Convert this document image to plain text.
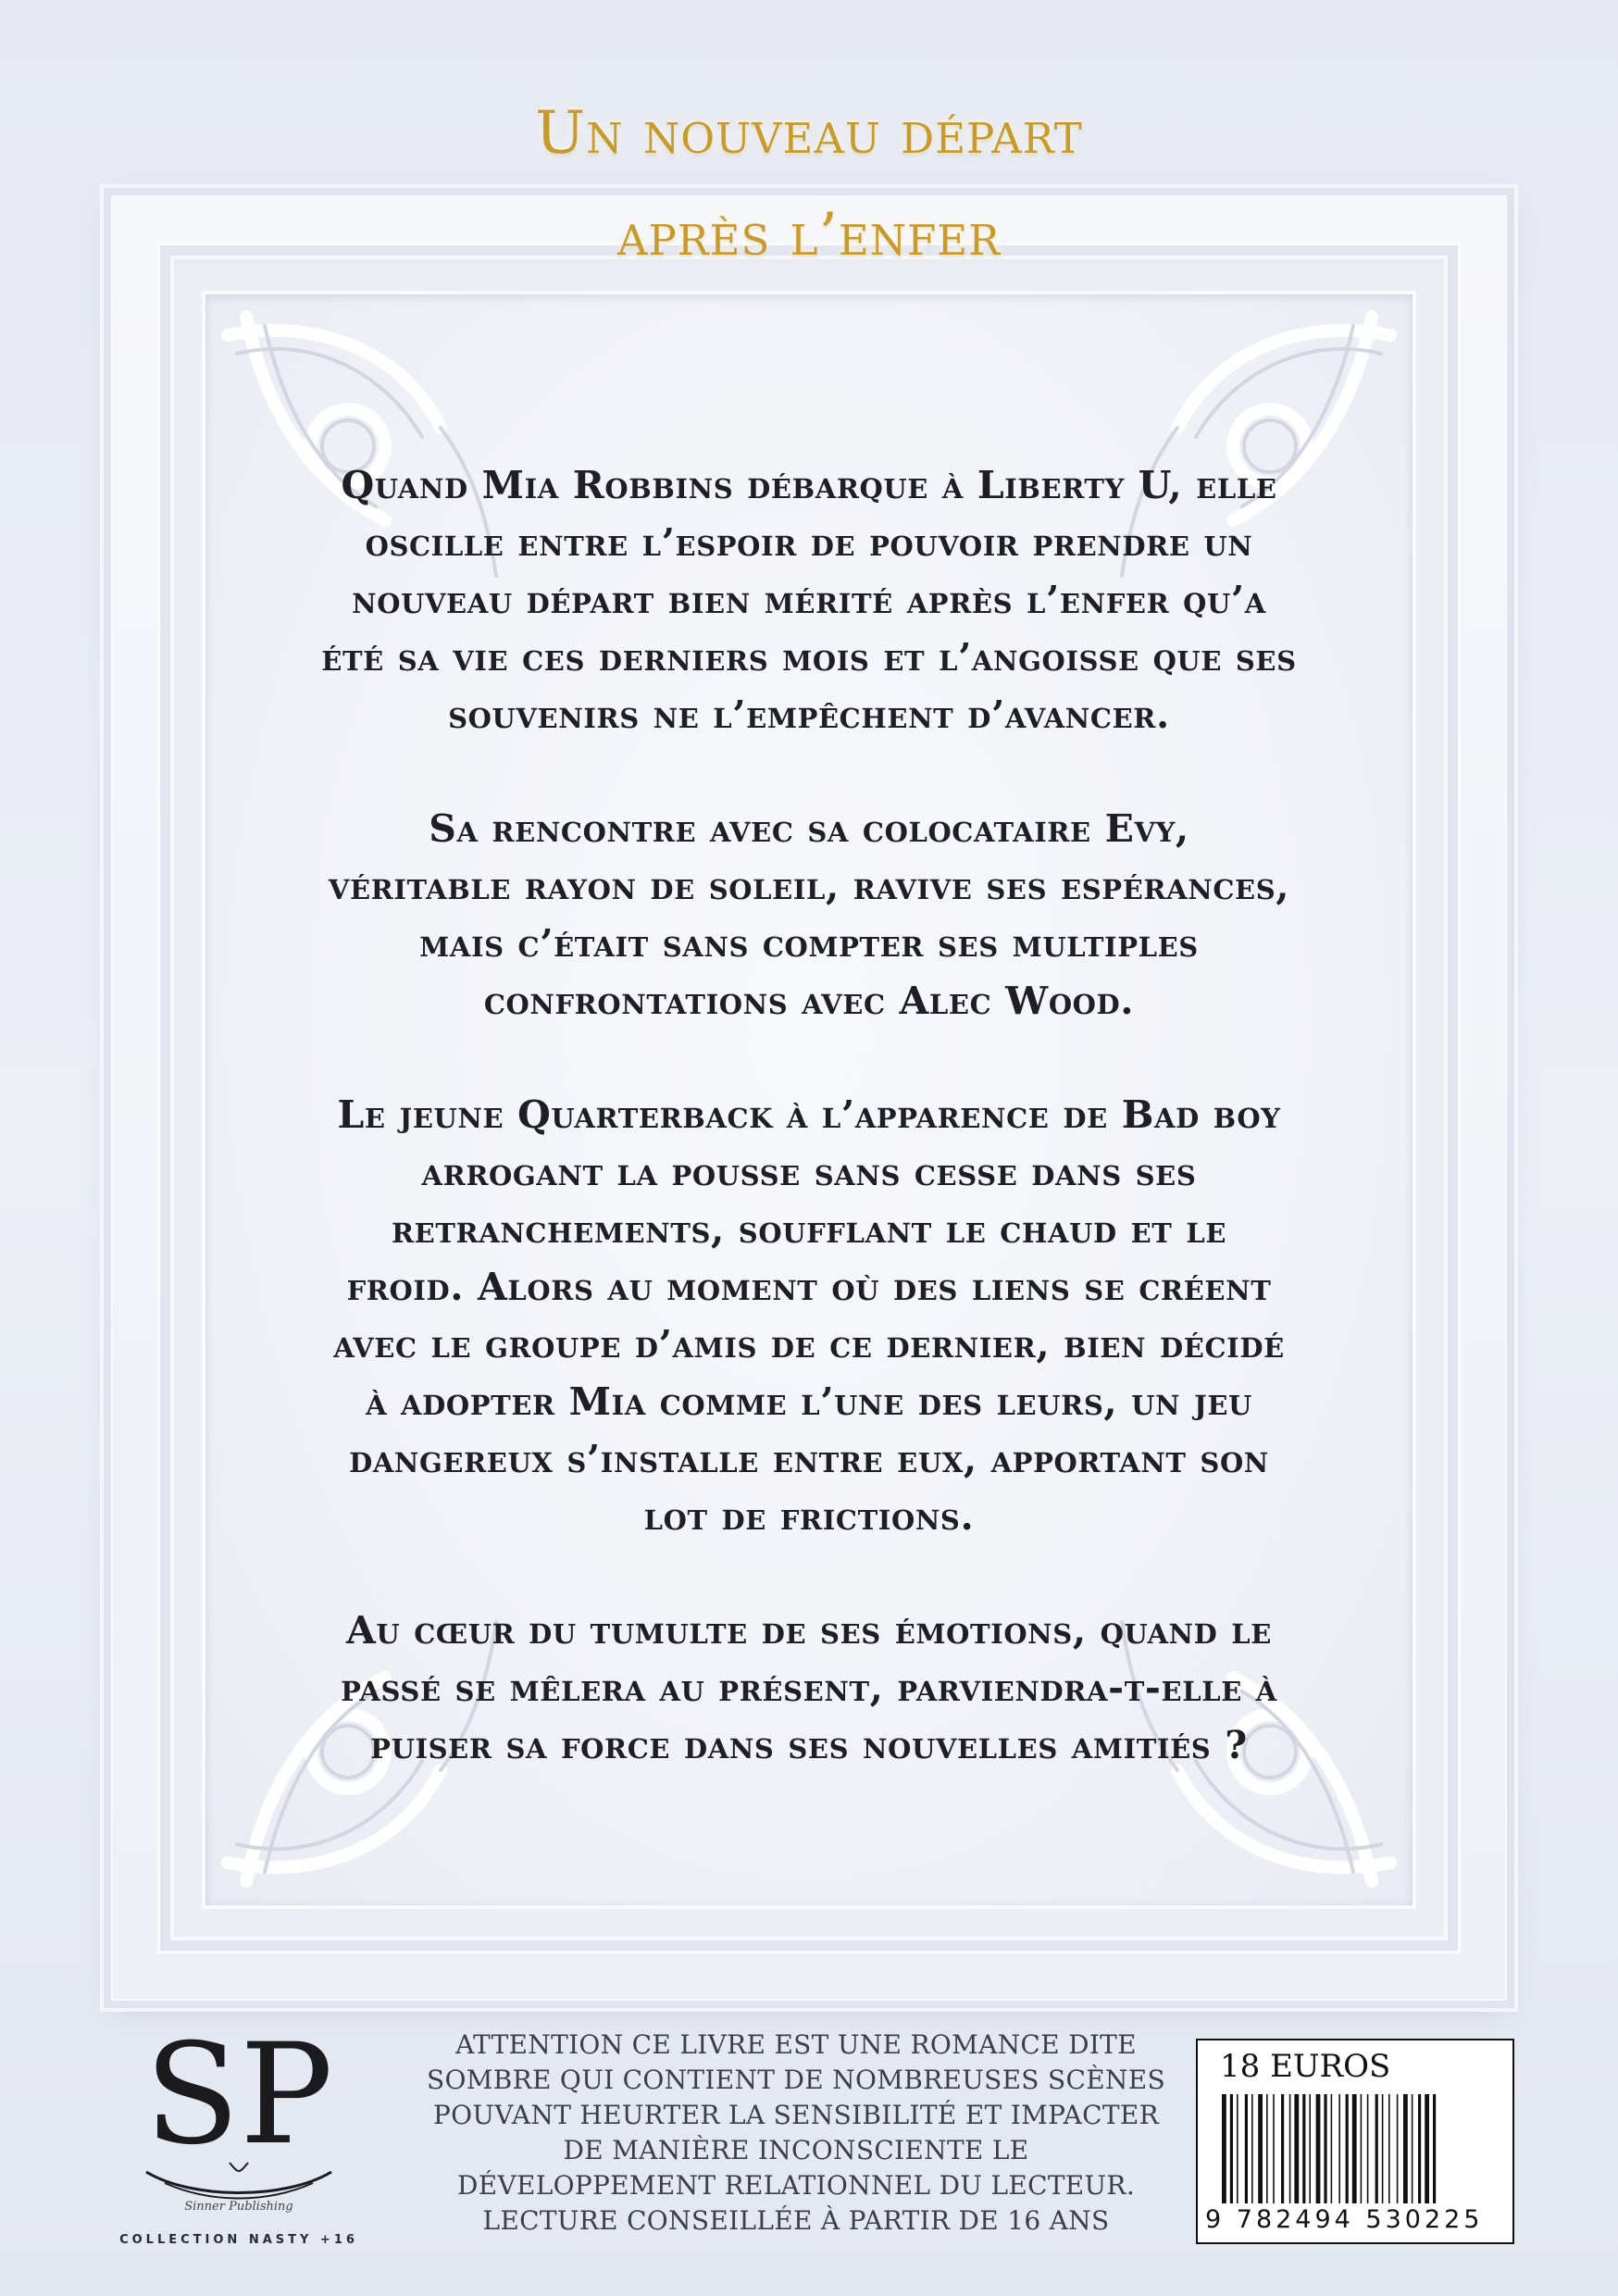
Un nouveau départ
après l’enfer
Quand Mia Robbins débarque à Liberty U, elle
oscille entre l’espoir de pouvoir prendre un
nouveau départ bien mérité après l’enfer qu’a
été sa vie ces derniers mois et l’angoisse que ses
souvenirs ne l’empêchent d’avancer.
Sa rencontre avec sa colocataire Evy,
véritable rayon de soleil, ravive ses espérances,
mais c’était sans compter ses multiples
confrontations avec Alec Wood.
Le jeune Quarterback à l’apparence de Bad boy
arrogant la pousse sans cesse dans ses
retranchements, soufflant le chaud et le
froid. Alors au moment où des liens se créent
avec le groupe d’amis de ce dernier, bien décidé
à adopter Mia comme l’une des leurs, un jeu
dangereux s’installe entre eux, apportant son
lot de frictions.
Au cœur du tumulte de ses émotions, quand le
passé se mêlera au présent, parviendra-t-elle à
puiser sa force dans ses nouvelles amitiés ?
SP
Sinner Publishing
COLLECTION NASTY +16
ATTENTION CE LIVRE EST UNE ROMANCE DITE
SOMBRE QUI CONTIENT DE NOMBREUSES SCÈNES
POUVANT HEURTER LA SENSIBILITÉ ET IMPACTER
DE MANIÈRE INCONSCIENTE LE
DÉVELOPPEMENT RELATIONNEL DU LECTEUR.
LECTURE CONSEILLÉE À PARTIR DE 16 ANS
18 EUROS
9 782494 530225
